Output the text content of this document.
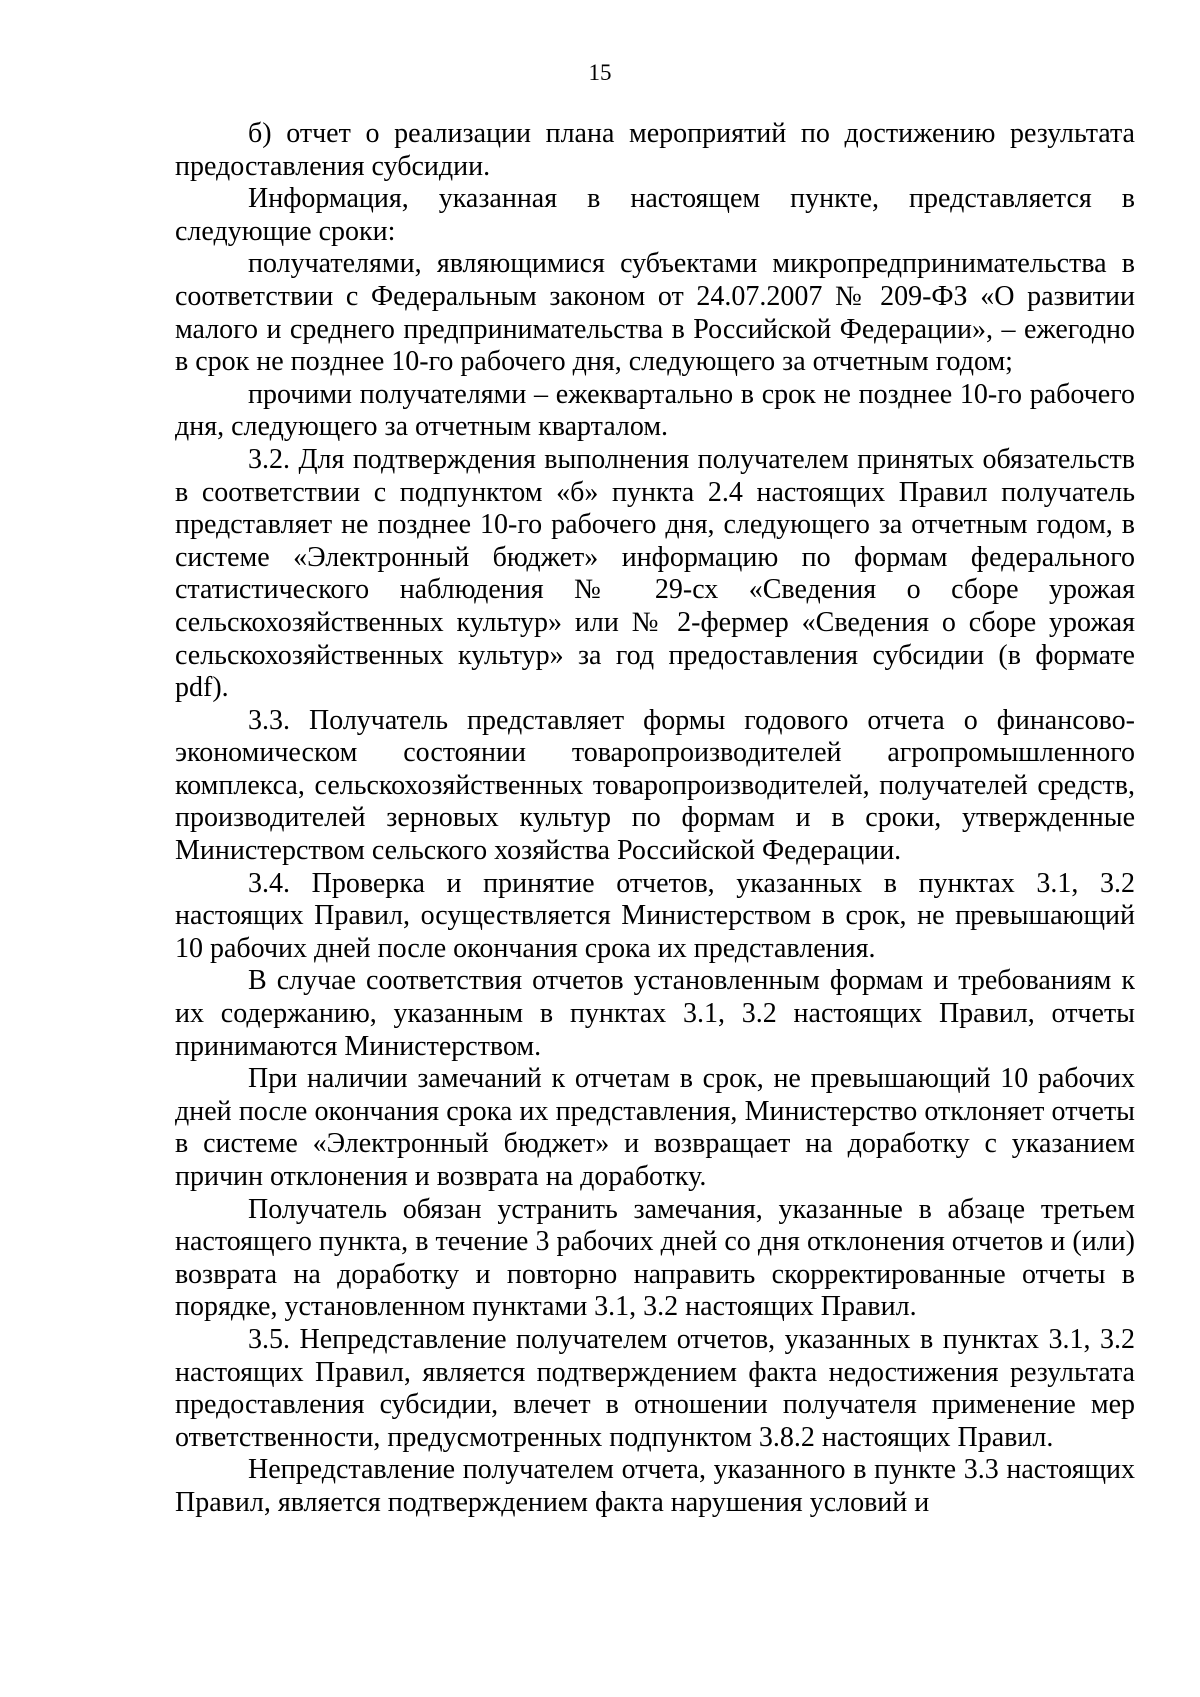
15

б) отчет о реализации плана мероприятий по достижению результата предоставления субсидии.

Информация, указанная в настоящем пункте, представляется в следующие сроки:

получателями, являющимися субъектами микропредпринимательства в соответствии с Федеральным законом от 24.07.2007 № 209-ФЗ «О развитии малого и среднего предпринимательства в Российской Федерации», – ежегодно в срок не позднее 10-го рабочего дня, следующего за отчетным годом;

прочими получателями – ежеквартально в срок не позднее 10-го рабочего дня, следующего за отчетным кварталом.

3.2. Для подтверждения выполнения получателем принятых обязательств в соответствии с подпунктом «б» пункта 2.4 настоящих Правил получатель представляет не позднее 10-го рабочего дня, следующего за отчетным годом, в системе «Электронный бюджет» информацию по формам федерального статистического наблюдения № 29-сх «Сведения о сборе урожая сельскохозяйственных культур» или № 2-фермер «Сведения о сборе урожая сельскохозяйственных культур» за год предоставления субсидии (в формате pdf).

3.3. Получатель представляет формы годового отчета о финансово-экономическом состоянии товаропроизводителей агропромышленного комплекса, сельскохозяйственных товаропроизводителей, получателей средств, производителей зерновых культур по формам и в сроки, утвержденные Министерством сельского хозяйства Российской Федерации.

3.4. Проверка и принятие отчетов, указанных в пунктах 3.1, 3.2 настоящих Правил, осуществляется Министерством в срок, не превышающий 10 рабочих дней после окончания срока их представления.

В случае соответствия отчетов установленным формам и требованиям к их содержанию, указанным в пунктах 3.1, 3.2 настоящих Правил, отчеты принимаются Министерством.

При наличии замечаний к отчетам в срок, не превышающий 10 рабочих дней после окончания срока их представления, Министерство отклоняет отчеты в системе «Электронный бюджет» и возвращает на доработку с указанием причин отклонения и возврата на доработку.

Получатель обязан устранить замечания, указанные в абзаце третьем настоящего пункта, в течение 3 рабочих дней со дня отклонения отчетов и (или) возврата на доработку и повторно направить скорректированные отчеты в порядке, установленном пунктами 3.1, 3.2 настоящих Правил.

3.5. Непредставление получателем отчетов, указанных в пунктах 3.1, 3.2 настоящих Правил, является подтверждением факта недостижения результата предоставления субсидии, влечет в отношении получателя применение мер ответственности, предусмотренных подпунктом 3.8.2 настоящих Правил.

Непредставление получателем отчета, указанного в пункте 3.3 настоящих Правил, является подтверждением факта нарушения условий и
